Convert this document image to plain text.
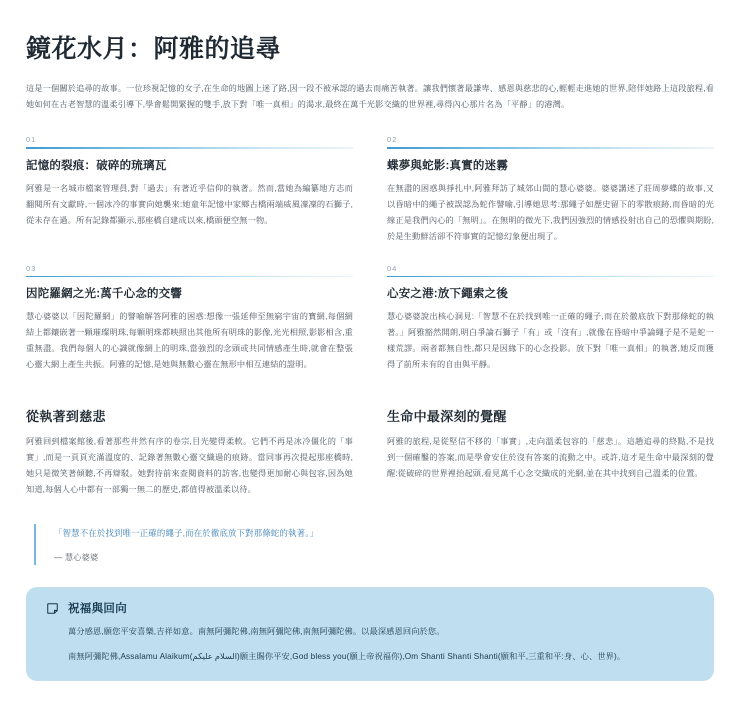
鏡花水月：阿雅的追尋

這是一個關於追尋的故事。一位珍視記憶的女子,在生命的地圖上迷了路,因一段不被承認的過去而痛苦執著。讓我們懷著最謙卑、感恩與慈悲的心,輕輕走進她的世界,陪伴她路上這段旅程,看她如何在古老智慧的溫柔引導下,學會鬆開緊握的雙手,放下對「唯一真相」的渴求,最終在萬千光影交織的世界裡,尋得內心那片名為「平靜」的港灣。

01
記憶的裂痕：破碎的琉璃瓦

阿雅是一名城市檔案管理員,對「過去」有著近乎信仰的執著。然而,當她為編纂地方志而翻閱所有文獻時,一個冰冷的事實向她襲來:她童年記憶中家鄉古橋兩端威風凜凜的石獅子,從未存在過。所有記錄都顯示,那座橋自建成以來,橋頭便空無一物。

02
蝶夢與蛇影:真實的迷霧

在無盡的困惑與掙扎中,阿雅拜訪了城郊山間的慧心婆婆。婆婆講述了莊周夢蝶的故事,又以昏暗中的繩子被誤認為蛇作譬喻,引導她思考:那繩子如歷史留下的零散痕跡,而昏暗的光線正是我們內心的「無明」。在無明的微光下,我們因強烈的情感投射出自己的恐懼與期盼,於是生動鮮活卻不符事實的記憶幻象便出現了。

03
因陀羅網之光:萬千心念的交響

慧心婆婆以「因陀羅網」的譬喻解答阿雅的困惑:想像一張延伸至無窮宇宙的寶網,每個網結上都鑲嵌著一顆璀璨明珠,每顆明珠都映照出其他所有明珠的影像,光光相照,影影相含,重重無盡。我們每個人的心識就像網上的明珠,當強烈的念頭或共同情感產生時,就會在整張心靈大網上產生共振。阿雅的記憶,是她與無數心靈在無形中相互連結的證明。

04
心安之港:放下繩索之後

慧心婆婆說出核心洞見:「智慧不在於找到唯一正確的繩子,而在於徹底放下對那條蛇的執著。」阿雅豁然開朗,明白爭論石獅子「有」或「沒有」,就像在昏暗中爭論繩子是不是蛇一樣荒謬。兩者都無自性,都只是因緣下的心念投影。放下對「唯一真相」的執著,她反而獲得了前所未有的自由與平靜。

從執著到慈悲

阿雅回到檔案館後,看著那些井然有序的卷宗,目光變得柔軟。它們不再是冰冷僵化的「事實」,而是一頁頁充滿溫度的、記錄著無數心靈交織過的痕跡。當同事再次提起那座橋時,她只是微笑著傾聽,不再辯駁。她對待前來查閱資料的訪客,也變得更加耐心與包容,因為她知道,每個人心中都有一部獨一無二的歷史,都值得被溫柔以待。

生命中最深刻的覺醒

阿雅的旅程,是從堅信不移的「事實」,走向溫柔包容的「慈悲」。這趟追尋的終點,不是找到一個確鑿的答案,而是學會安住於沒有答案的流動之中。或許,這才是生命中最深刻的覺醒:從破碎的世界裡抬起頭,看見萬千心念交織成的光網,並在其中找到自己溫柔的位置。

「智慧不在於找到唯一正確的繩子,而在於徹底放下對那條蛇的執著。」

— 慧心婆婆
祝福與回向

萬分感恩,願您平安喜樂,吉祥如意。南無阿彌陀佛,南無阿彌陀佛,南無阿彌陀佛。以最深感恩回向於您。

南無阿彌陀佛,Assalamu Alaikum(السلام عليكم)願主賜你平安,God bless you(願上帝祝福你),Om Shanti Shanti Shanti(願和平,三重和平:身、心、世界)。
